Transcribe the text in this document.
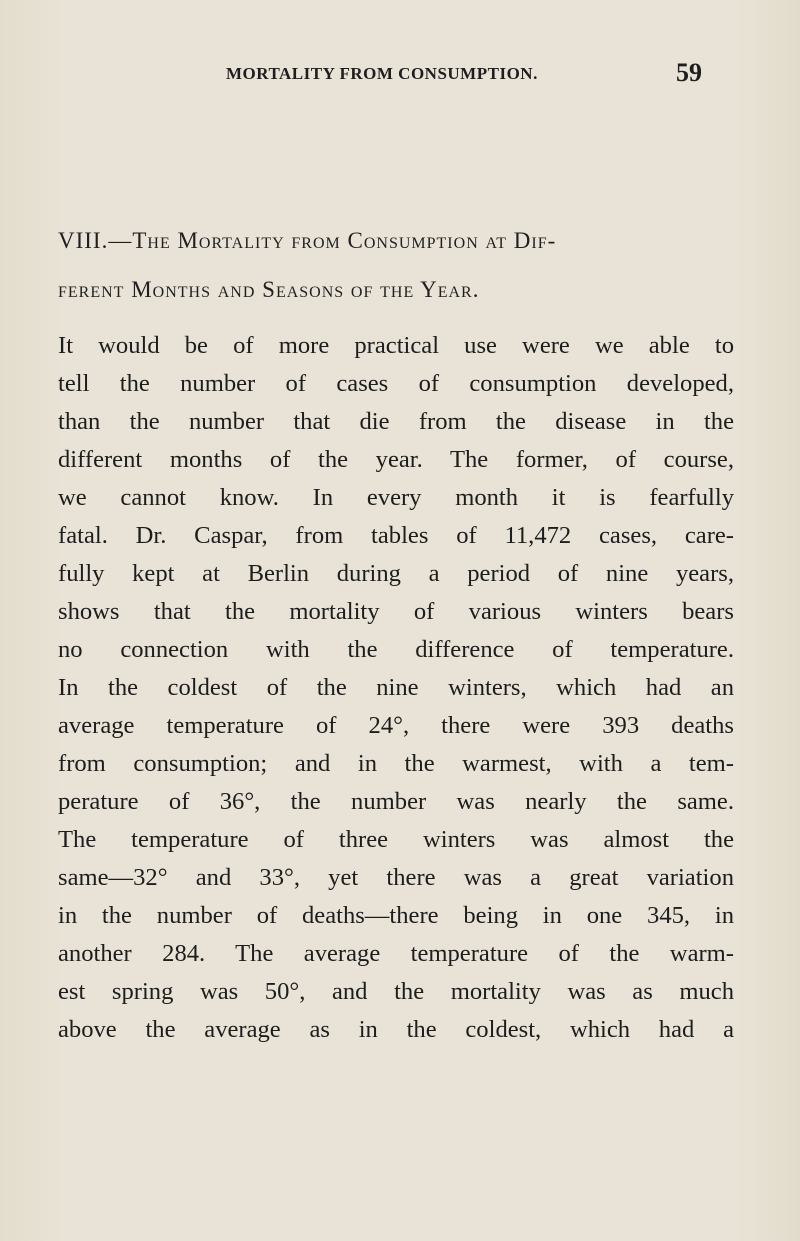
MORTALITY FROM CONSUMPTION.	59
VIII.—The Mortality from Consumption at Dif-
ferent Months and Seasons of the Year.
It would be of more practical use were we able to
tell the number of cases of consumption developed,
than the number that die from the disease in the
different months of the year. The former, of course,
we cannot know. In every month it is fearfully
fatal. Dr. Caspar, from tables of 11,472 cases, care-
fully kept at Berlin during a period of nine years,
shows that the mortality of various winters bears
no connection with the difference of temperature.
In the coldest of the nine winters, which had an
average temperature of 24°, there were 393 deaths
from consumption; and in the warmest, with a tem-
perature of 36°, the number was nearly the same.
The temperature of three winters was almost the
same—32° and 33°, yet there was a great variation
in the number of deaths—there being in one 345, in
another 284. The average temperature of the warm-
est spring was 50°, and the mortality was as much
above the average as in the coldest, which had a
